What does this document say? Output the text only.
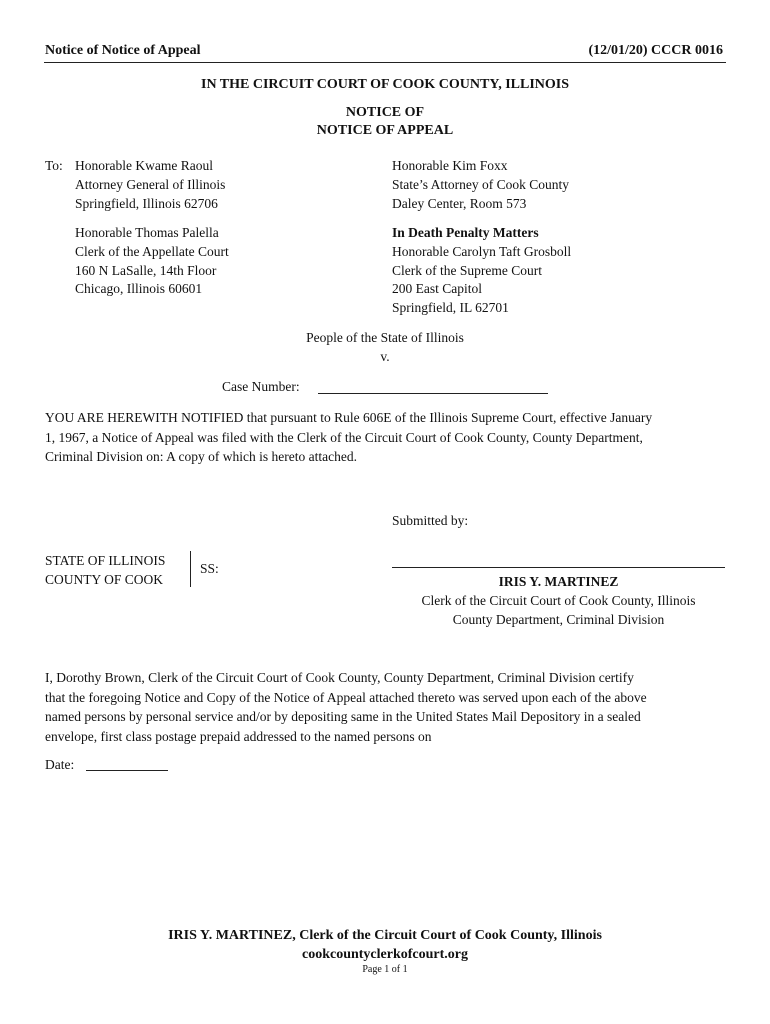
Notice of Notice of Appeal	(12/01/20) CCCR 0016
IN THE CIRCUIT COURT OF COOK COUNTY, ILLINOIS
NOTICE OF
NOTICE OF APPEAL
To: Honorable Kwame Raoul
Attorney General of Illinois
Springfield, Illinois 62706
Honorable Kim Foxx
State’s Attorney of Cook County
Daley Center, Room 573
Honorable Thomas Palella
Clerk of the Appellate Court
160 N LaSalle, 14th Floor
Chicago, Illinois 60601
In Death Penalty Matters
Honorable Carolyn Taft Grosboll
Clerk of the Supreme Court
200 East Capitol
Springfield, IL 62701
People of the State of Illinois
v.
Case Number:
YOU ARE HEREWITH NOTIFIED that pursuant to Rule 606E of the Illinois Supreme Court, effective January
1, 1967, a Notice of Appeal was filed with the Clerk of the Circuit Court of Cook County, County Department,
Criminal Division on: A copy of which is hereto attached.
Submitted by:
STATE OF ILLINOIS
COUNTY OF COOK
SS:
IRIS Y. MARTINEZ
Clerk of the Circuit Court of Cook County, Illinois
County Department, Criminal Division
I, Dorothy Brown, Clerk of the Circuit Court of Cook County, County Department, Criminal Division certify
that the foregoing Notice and Copy of the Notice of Appeal attached thereto was served upon each of the above
named persons by personal service and/or by depositing same in the United States Mail Depository in a sealed
envelope, first class postage prepaid addressed to the named persons on
Date:
IRIS Y. MARTINEZ, Clerk of the Circuit Court of Cook County, Illinois
cookcountyclerkofcourt.org
Page 1 of 1
